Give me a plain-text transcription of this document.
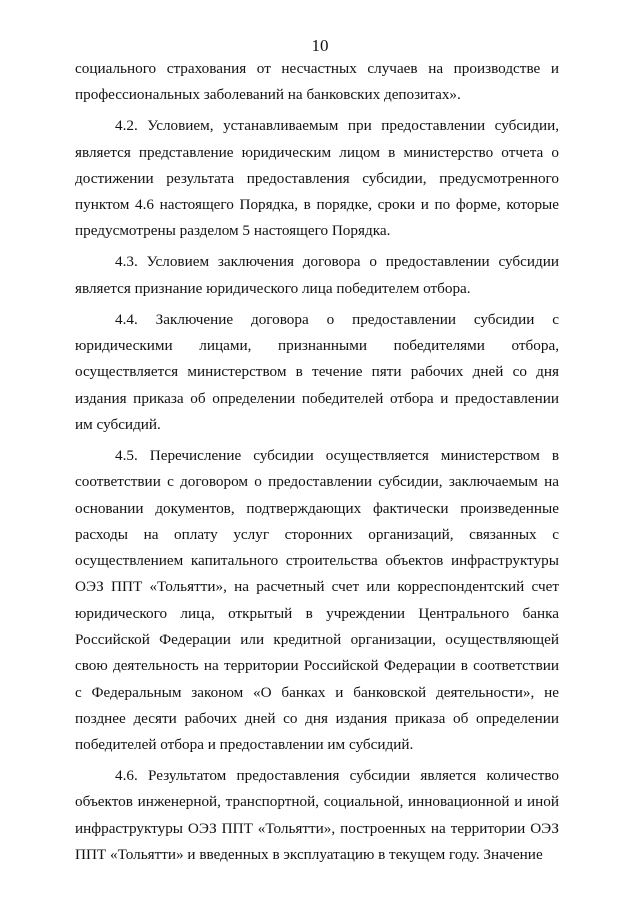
10

социального страхования от несчастных случаев на производстве и профессиональных заболеваний на банковских депозитах».

4.2. Условием, устанавливаемым при предоставлении субсидии, является представление юридическим лицом в министерство отчета о достижении результата предоставления субсидии, предусмотренного пунктом 4.6 настоящего Порядка, в порядке, сроки и по форме, которые предусмотрены разделом 5 настоящего Порядка.

4.3. Условием заключения договора о предоставлении субсидии является признание юридического лица победителем отбора.

4.4. Заключение договора о предоставлении субсидии с юридическими лицами, признанными победителями отбора, осуществляется министерством в течение пяти рабочих дней со дня издания приказа об определении победителей отбора и предоставлении им субсидий.

4.5. Перечисление субсидии осуществляется министерством в соответствии с договором о предоставлении субсидии, заключаемым на основании документов, подтверждающих фактически произведенные расходы на оплату услуг сторонних организаций, связанных с осуществлением капитального строительства объектов инфраструктуры ОЭЗ ППТ «Тольятти», на расчетный счет или корреспондентский счет юридического лица, открытый в учреждении Центрального банка Российской Федерации или кредитной организации, осуществляющей свою деятельность на территории Российской Федерации в соответствии с Федеральным законом «О банках и банковской деятельности», не позднее десяти рабочих дней со дня издания приказа об определении победителей отбора и предоставлении им субсидий.

4.6. Результатом предоставления субсидии является количество объектов инженерной, транспортной, социальной, инновационной и иной инфраструктуры ОЭЗ ППТ «Тольятти», построенных на территории ОЭЗ ППТ «Тольятти» и введенных в эксплуатацию в текущем году. Значение
